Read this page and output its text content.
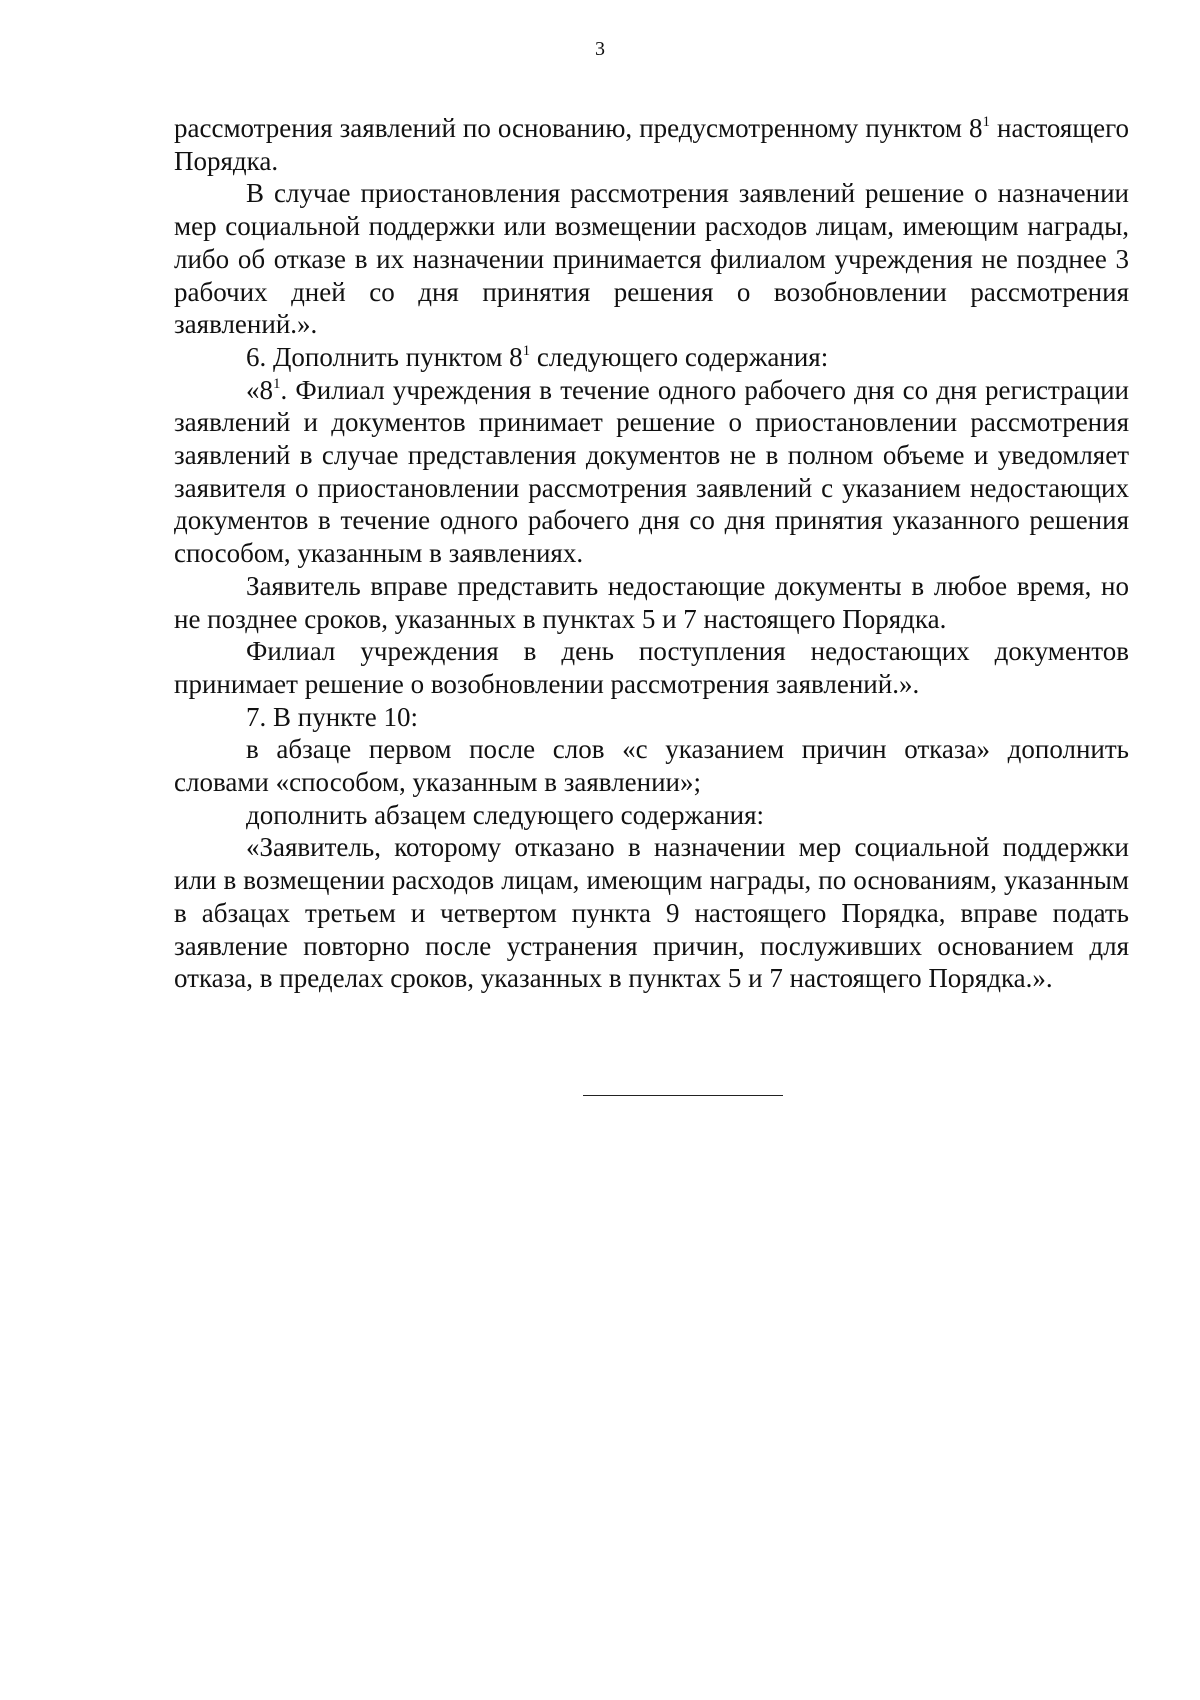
3

рассмотрения заявлений по основанию, предусмотренному пунктом $8^1$ настоящего Порядка.

В случае приостановления рассмотрения заявлений решение о назначении мер социальной поддержки или возмещении расходов лицам, имеющим награды, либо об отказе в их назначении принимается филиалом учреждения не позднее 3 рабочих дней со дня принятия решения о возобновлении рассмотрения заявлений.».

6. Дополнить пунктом $8^1$ следующего содержания:

«$8^1$. Филиал учреждения в течение одного рабочего дня со дня регистрации заявлений и документов принимает решение о приостановлении рассмотрения заявлений в случае представления документов не в полном объеме и уведомляет заявителя о приостановлении рассмотрения заявлений с указанием недостающих документов в течение одного рабочего дня со дня принятия указанного решения способом, указанным в заявлениях.

Заявитель вправе представить недостающие документы в любое время, но не позднее сроков, указанных в пунктах 5 и 7 настоящего Порядка.

Филиал учреждения в день поступления недостающих документов принимает решение о возобновлении рассмотрения заявлений.».

7. В пункте 10:

в абзаце первом после слов «с указанием причин отказа» дополнить словами «способом, указанным в заявлении»;

дополнить абзацем следующего содержания:

«Заявитель, которому отказано в назначении мер социальной поддержки или в возмещении расходов лицам, имеющим награды, по основаниям, указанным в абзацах третьем и четвертом пункта 9 настоящего Порядка, вправе подать заявление повторно после устранения причин, послуживших основанием для отказа, в пределах сроков, указанных в пунктах 5 и 7 настоящего Порядка.».
